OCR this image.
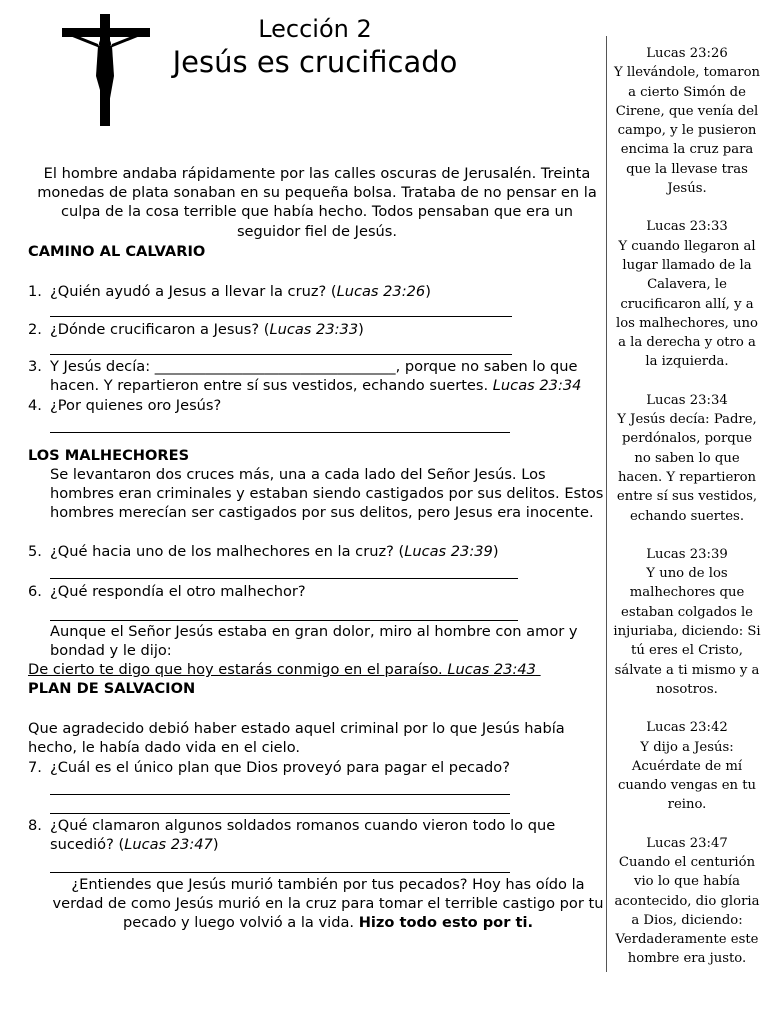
Lección 2
Jesús es crucificado
El hombre andaba rápidamente por las calles oscuras de Jerusalén. Treinta monedas de plata sonaban en su pequeña bolsa. Trataba de no pensar en la culpa de la cosa terrible que había hecho. Todos pensaban que era un seguidor fiel de Jesús.
CAMINO AL CALVARIO
1. ¿Quién ayudó a Jesus a llevar la cruz? (Lucas 23:26)
2. ¿Dónde crucificaron a Jesus? (Lucas 23:33)
3. Y Jesús decía: _________________________________, porque no saben lo que hacen. Y repartieron entre sí sus vestidos, echando suertes. Lucas 23:34
4. ¿Por quienes oro Jesús?
LOS MALHECHORES
Se levantaron dos cruces más, una a cada lado del Señor Jesús. Los hombres eran criminales y estaban siendo castigados por sus delitos. Estos hombres merecían ser castigados por sus delitos, pero Jesus era inocente.
5. ¿Qué hacia uno de los malhechores en la cruz? (Lucas 23:39)
6. ¿Qué respondía el otro malhechor?
Aunque el Señor Jesús estaba en gran dolor, miro al hombre con amor y bondad y le dijo:
De cierto te digo que hoy estarás conmigo en el paraíso. Lucas 23:43
PLAN DE SALVACION
Que agradecido debió haber estado aquel criminal por lo que Jesús había hecho, le había dado vida en el cielo.
7. ¿Cuál es el único plan que Dios proveyó para pagar el pecado?
8. ¿Qué clamaron algunos soldados romanos cuando vieron todo lo que sucedió? (Lucas 23:47)
¿Entiendes que Jesús murió también por tus pecados? Hoy has oído la verdad de como Jesús murió en la cruz para tomar el terrible castigo por tu pecado y luego volvió a la vida. Hizo todo esto por ti.
Lucas 23:26
Y llevándole, tomaron a cierto Simón de Cirene, que venía del campo, y le pusieron encima la cruz para que la llevase tras Jesús.
Lucas 23:33
Y cuando llegaron al lugar llamado de la Calavera, le crucificaron allí, y a los malhechores, uno a la derecha y otro a la izquierda.
Lucas 23:34
Y Jesús decía: Padre, perdónalos, porque no saben lo que hacen. Y repartieron entre sí sus vestidos, echando suertes.
Lucas 23:39
Y uno de los malhechores que estaban colgados le injuriaba, diciendo: Si tú eres el Cristo, sálvate a ti mismo y a nosotros.
Lucas 23:42
Y dijo a Jesús: Acuérdate de mí cuando vengas en tu reino.
Lucas 23:47
Cuando el centurión vio lo que había acontecido, dio gloria a Dios, diciendo: Verdaderamente este hombre era justo.
